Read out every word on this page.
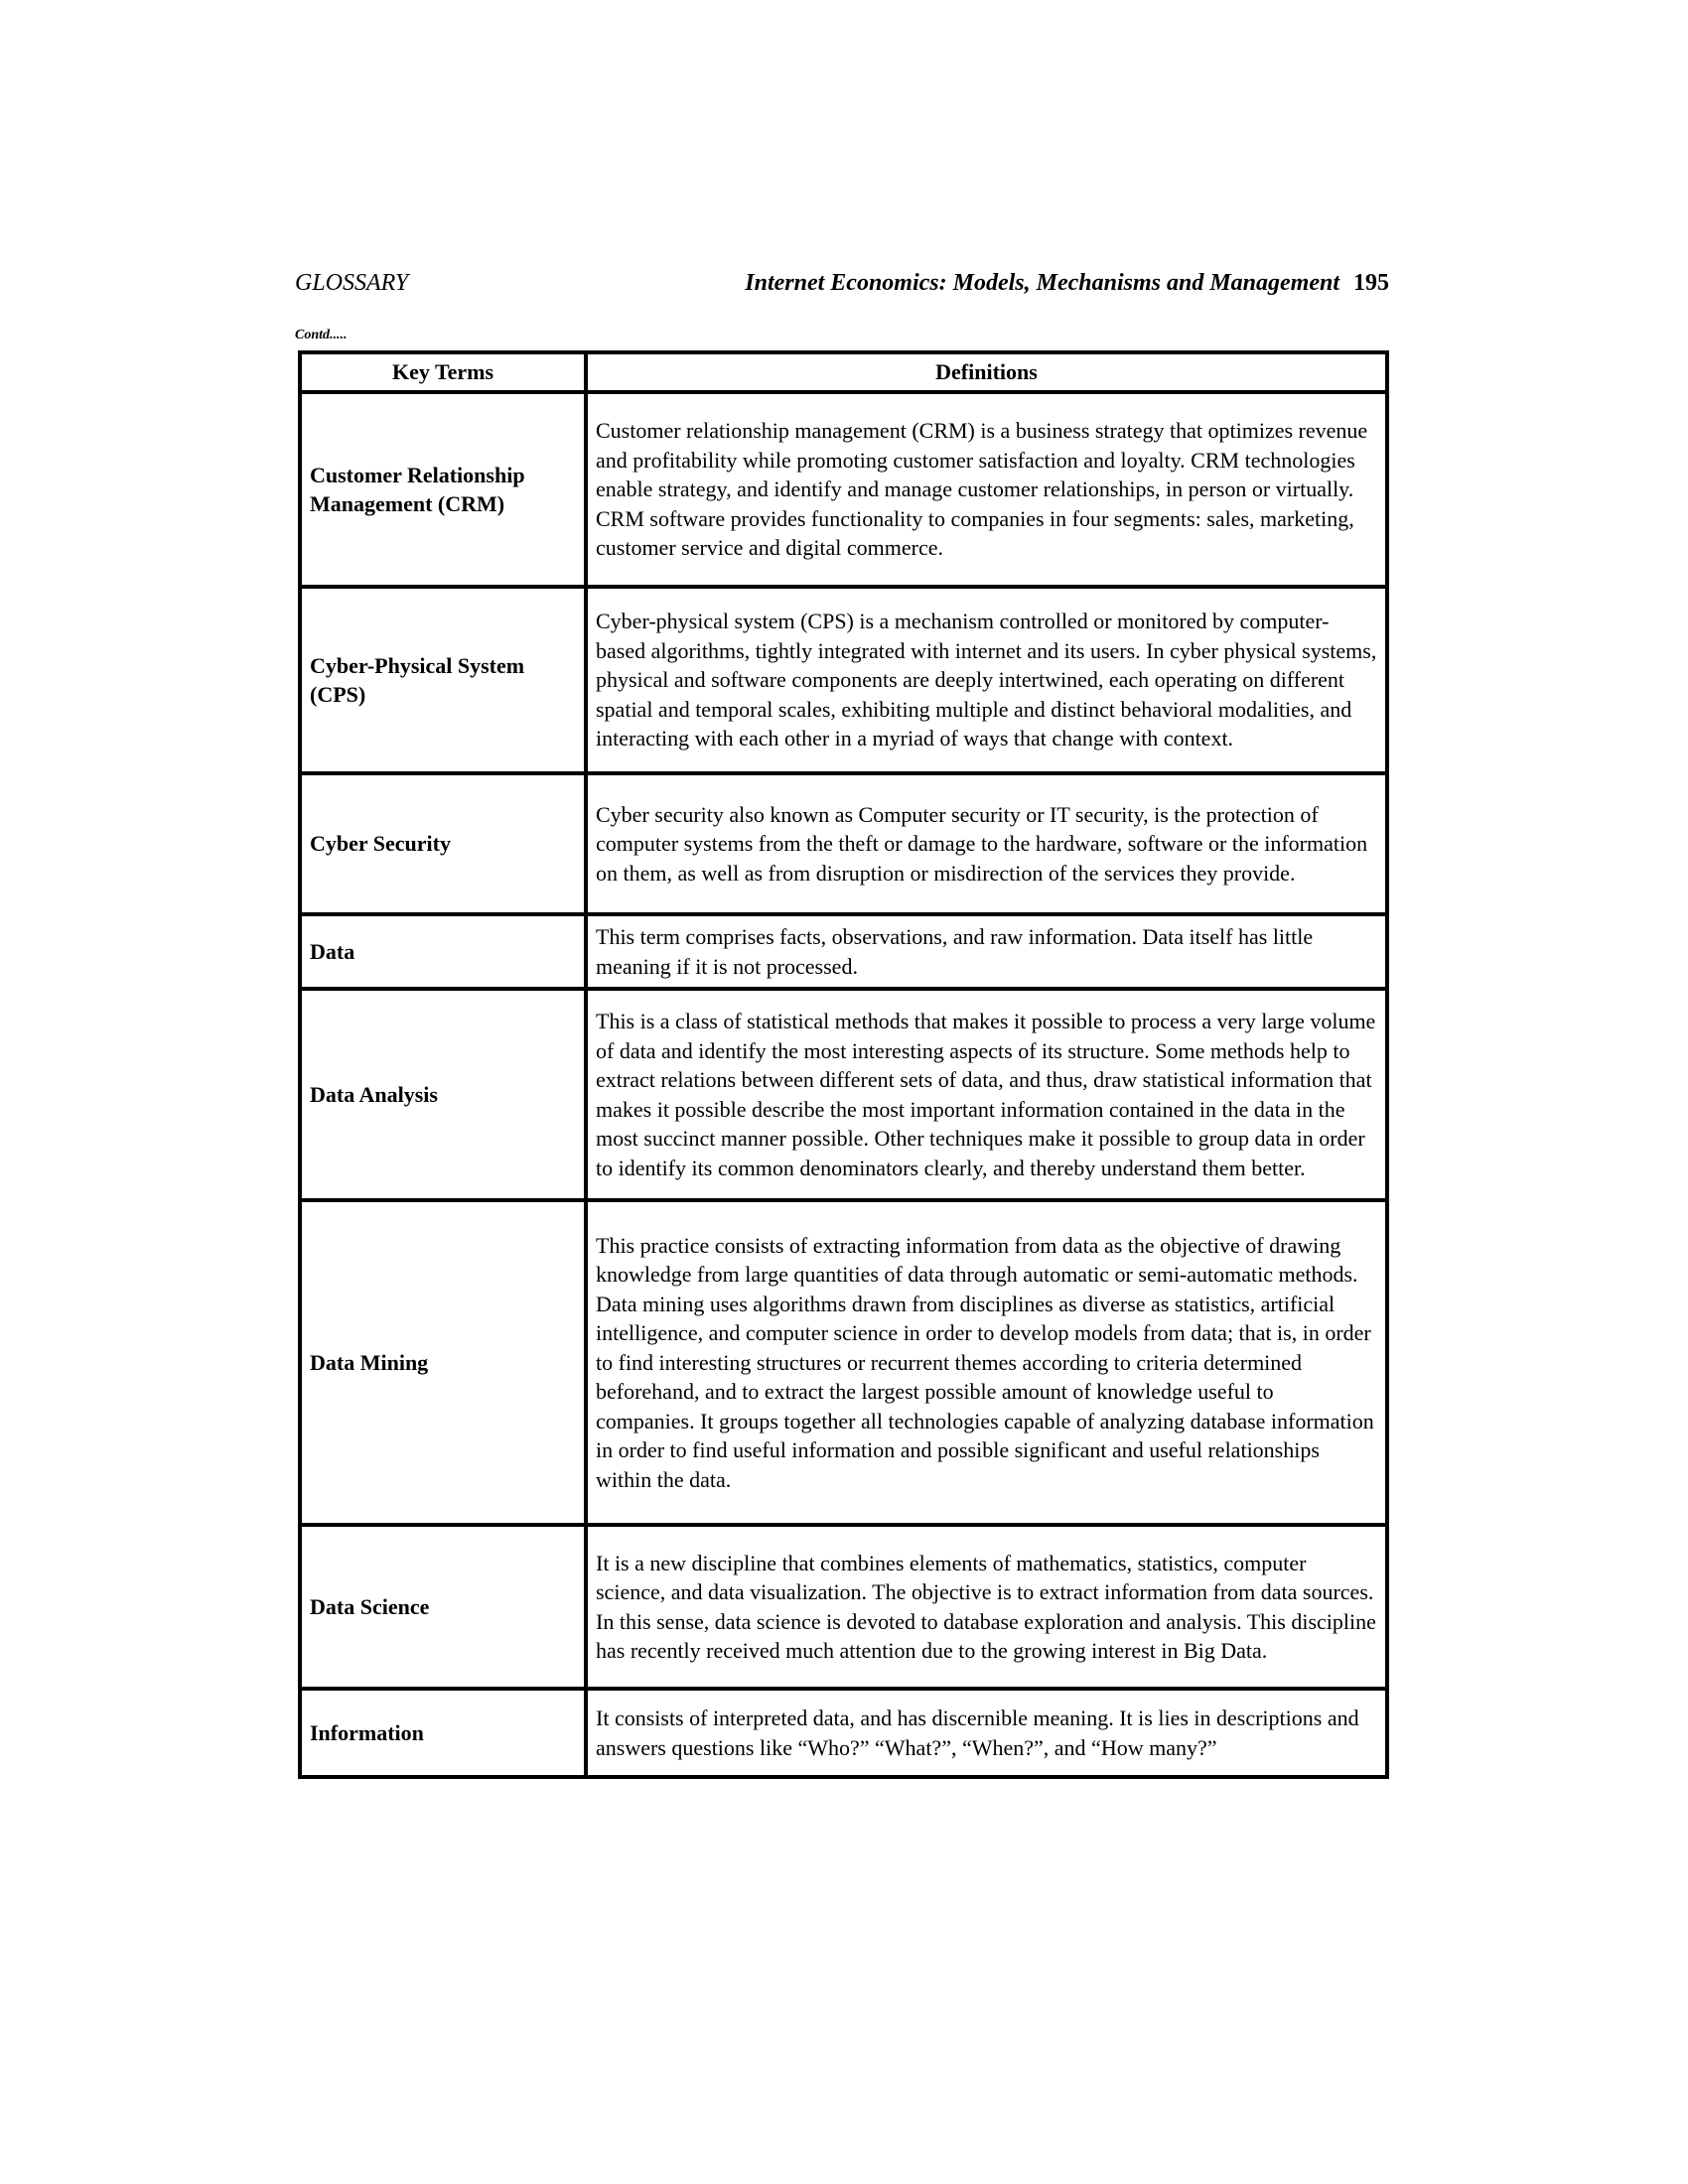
GLOSSARY	Internet Economics: Models, Mechanisms and Management 195
Contd.....
Key Terms	Definitions
Customer Relationship Management (CRM)	Customer relationship management (CRM) is a business strategy that optimizes revenue and profitability while promoting customer satisfaction and loyalty. CRM technologies enable strategy, and identify and manage customer relationships, in person or virtually. CRM software provides functionality to companies in four segments: sales, marketing, customer service and digital commerce.
Cyber-Physical System (CPS)	Cyber-physical system (CPS) is a mechanism controlled or monitored by computer-based algorithms, tightly integrated with internet and its users. In cyber physical systems, physical and software components are deeply intertwined, each operating on different spatial and temporal scales, exhibiting multiple and distinct behavioral modalities, and interacting with each other in a myriad of ways that change with context.
Cyber Security	Cyber security also known as Computer security or IT security, is the protection of computer systems from the theft or damage to the hardware, software or the information on them, as well as from disruption or misdirection of the services they provide.
Data	This term comprises facts, observations, and raw information. Data itself has little meaning if it is not processed.
Data Analysis	This is a class of statistical methods that makes it possible to process a very large volume of data and identify the most interesting aspects of its structure. Some methods help to extract relations between different sets of data, and thus, draw statistical information that makes it possible describe the most important information contained in the data in the most succinct manner possible. Other techniques make it possible to group data in order to identify its common denominators clearly, and thereby understand them better.
Data Mining	This practice consists of extracting information from data as the objective of drawing knowledge from large quantities of data through automatic or semi-automatic methods. Data mining uses algorithms drawn from disciplines as diverse as statistics, artificial intelligence, and computer science in order to develop models from data; that is, in order to find interesting structures or recurrent themes according to criteria determined beforehand, and to extract the largest possible amount of knowledge useful to companies. It groups together all technologies capable of analyzing database information in order to find useful information and possible significant and useful relationships within the data.
Data Science	It is a new discipline that combines elements of mathematics, statistics, computer science, and data visualization. The objective is to extract information from data sources. In this sense, data science is devoted to database exploration and analysis. This discipline has recently received much attention due to the growing interest in Big Data.
Information	It consists of interpreted data, and has discernible meaning. It is lies in descriptions and answers questions like “Who?” “What?”, “When?”, and “How many?”
